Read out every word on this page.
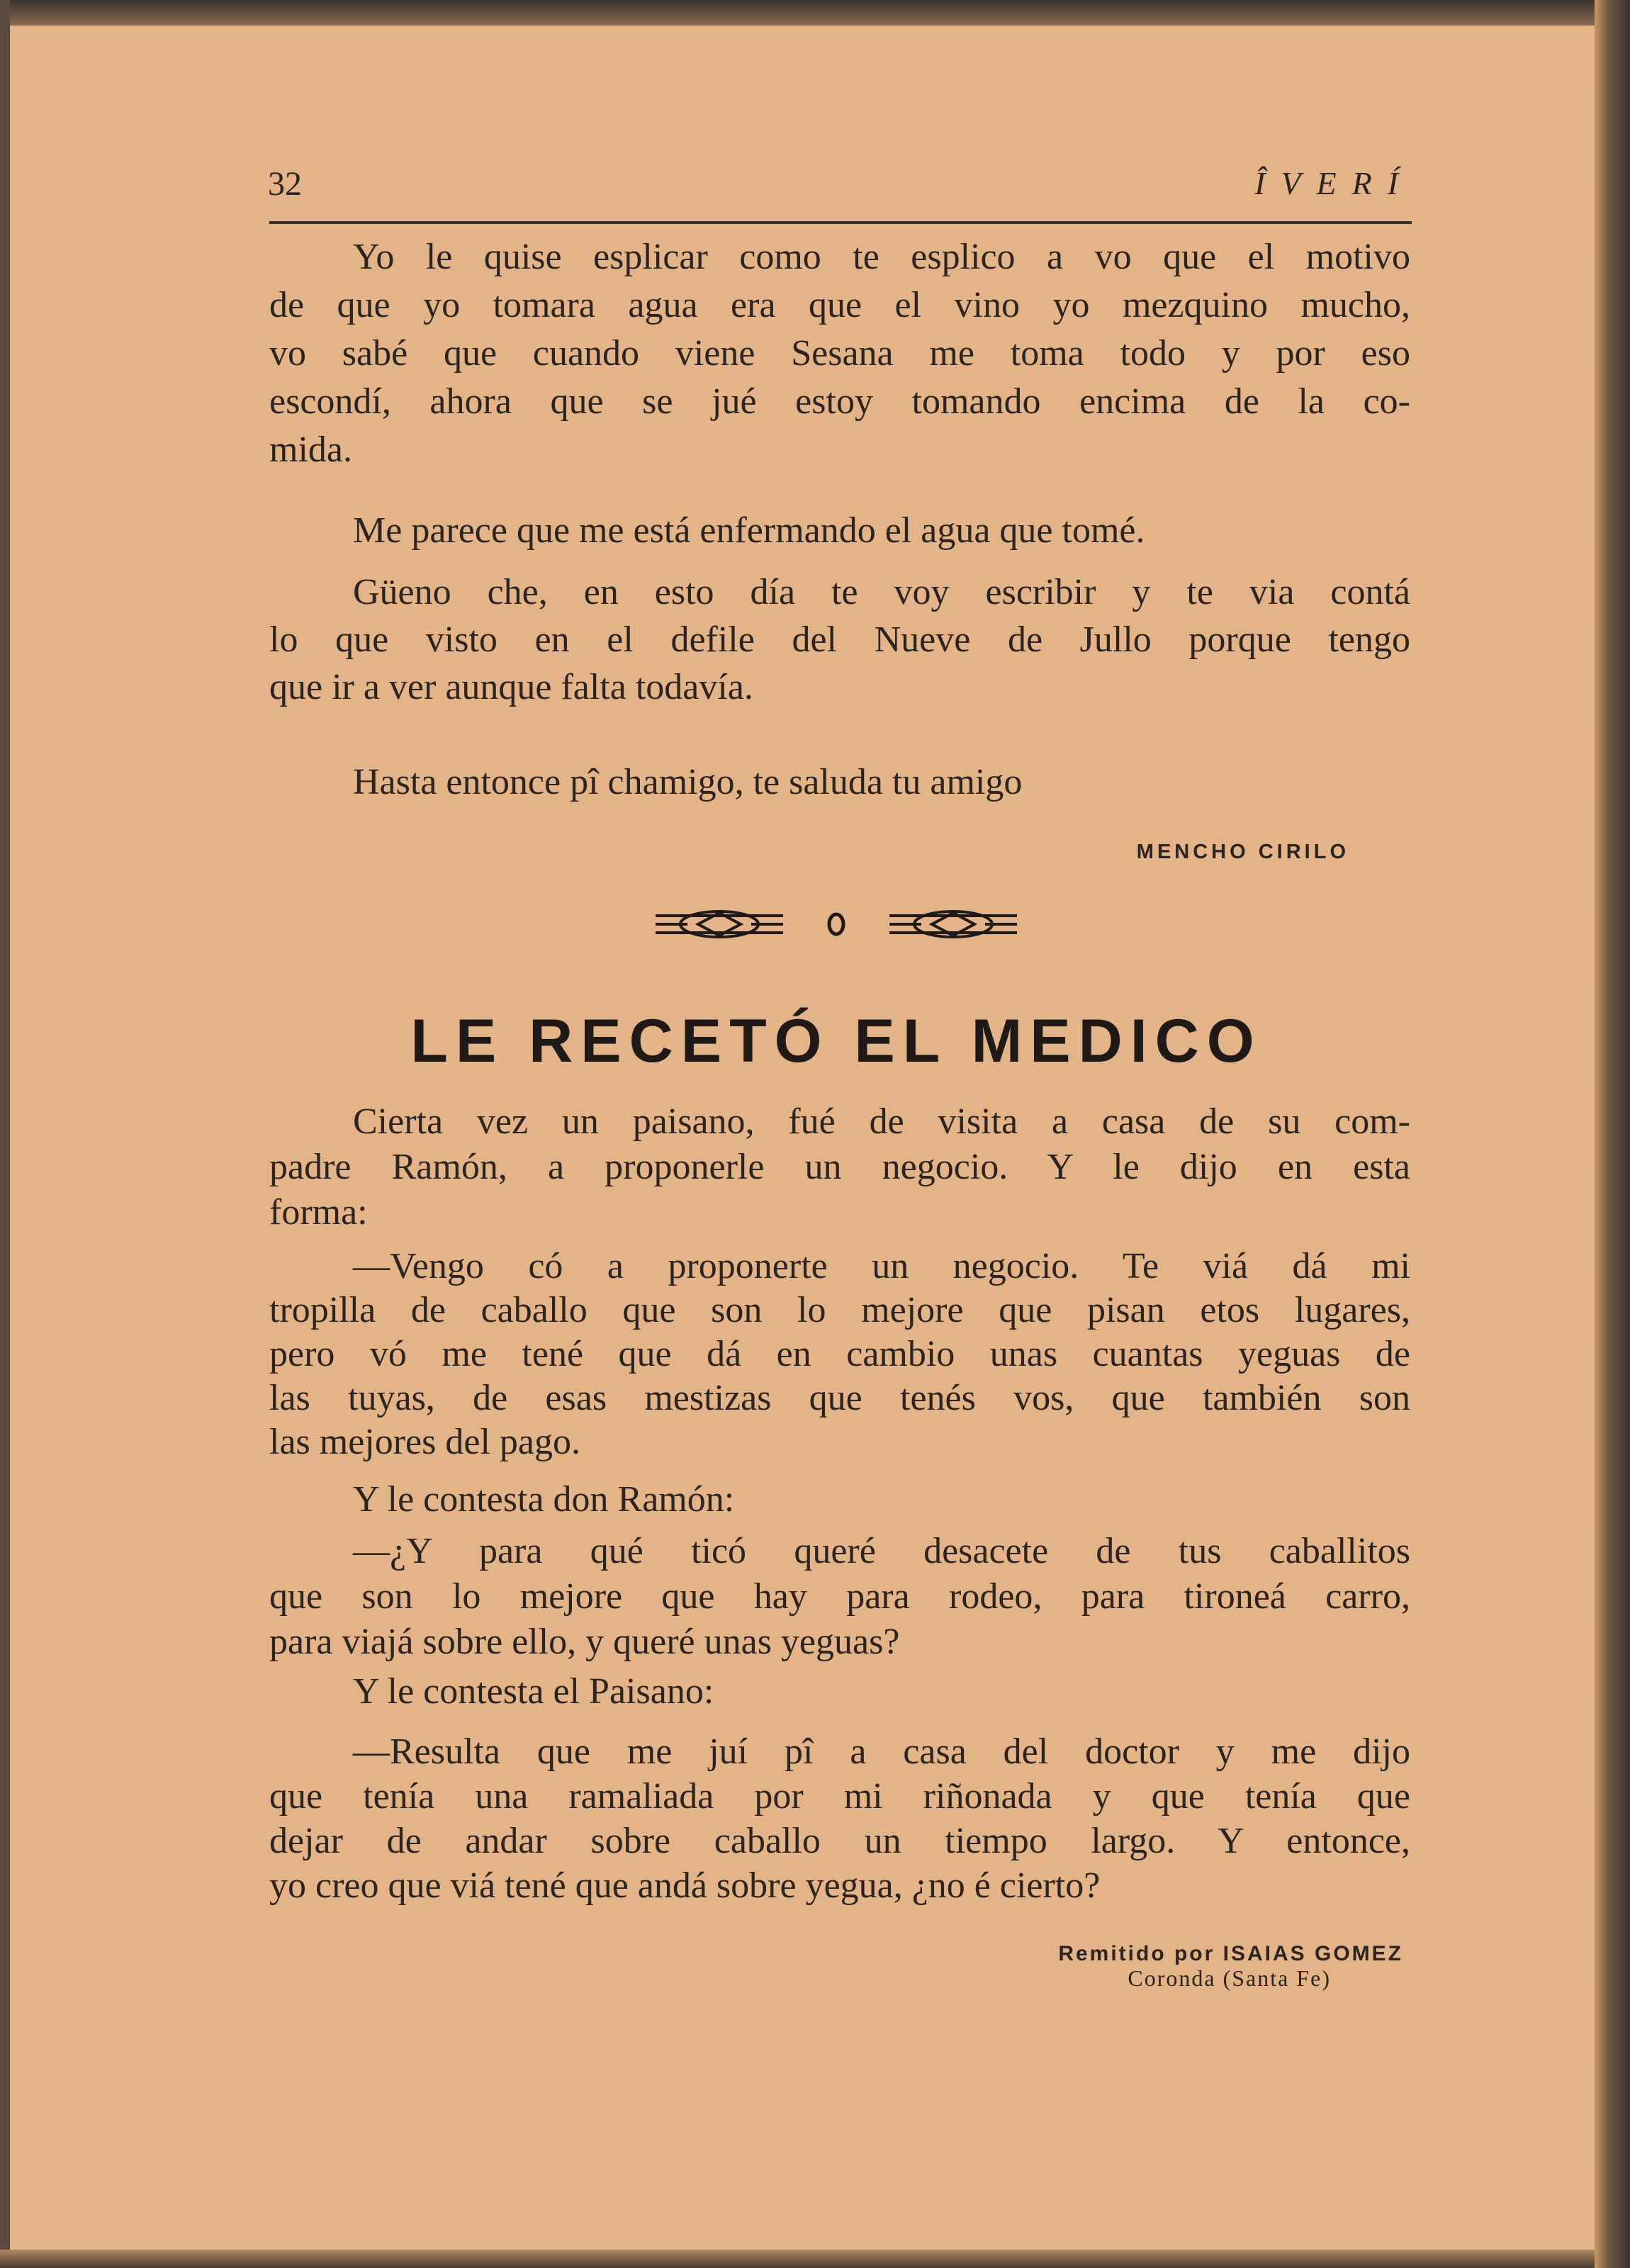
32	ÎVERÍ
Yo le quise esplicar como te esplico a vo que el motivo
de que yo tomara agua era que el vino yo mezquino mucho,
vo sabé que cuando viene Sesana me toma todo y por eso
escondí, ahora que se jué estoy tomando encima de la co-
mida.
Me parece que me está enfermando el agua que tomé.
Güeno che, en esto día te voy escribir y te via contá
lo que visto en el defile del Nueve de Jullo porque tengo
que ir a ver aunque falta todavía.
Hasta entonce pî chamigo, te saluda tu amigo
Cierta vez un paisano, fué de visita a casa de su com-
padre Ramón, a proponerle un negocio. Y le dijo en esta
forma:
—Vengo có a proponerte un negocio. Te viá dá mi
tropilla de caballo que son lo mejore que pisan etos lugares,
pero vó me tené que dá en cambio unas cuantas yeguas de
las tuyas, de esas mestizas que tenés vos, que también son
las mejores del pago.
Y le contesta don Ramón:
—¿Y para qué ticó queré desacete de tus caballitos
que son lo mejore que hay para rodeo, para tironeá carro,
para viajá sobre ello, y queré unas yeguas?
Y le contesta el Paisano:
—Resulta que me juí pî a casa del doctor y me dijo
que tenía una ramaliada por mi riñonada y que tenía que
dejar de andar sobre caballo un tiempo largo. Y entonce,
yo creo que viá tené que andá sobre yegua, ¿no é cierto?
MENCHO CIRILO
LE RECETÓ EL MEDICO
Remitido por ISAIAS GOMEZ
Coronda (Santa Fe)
